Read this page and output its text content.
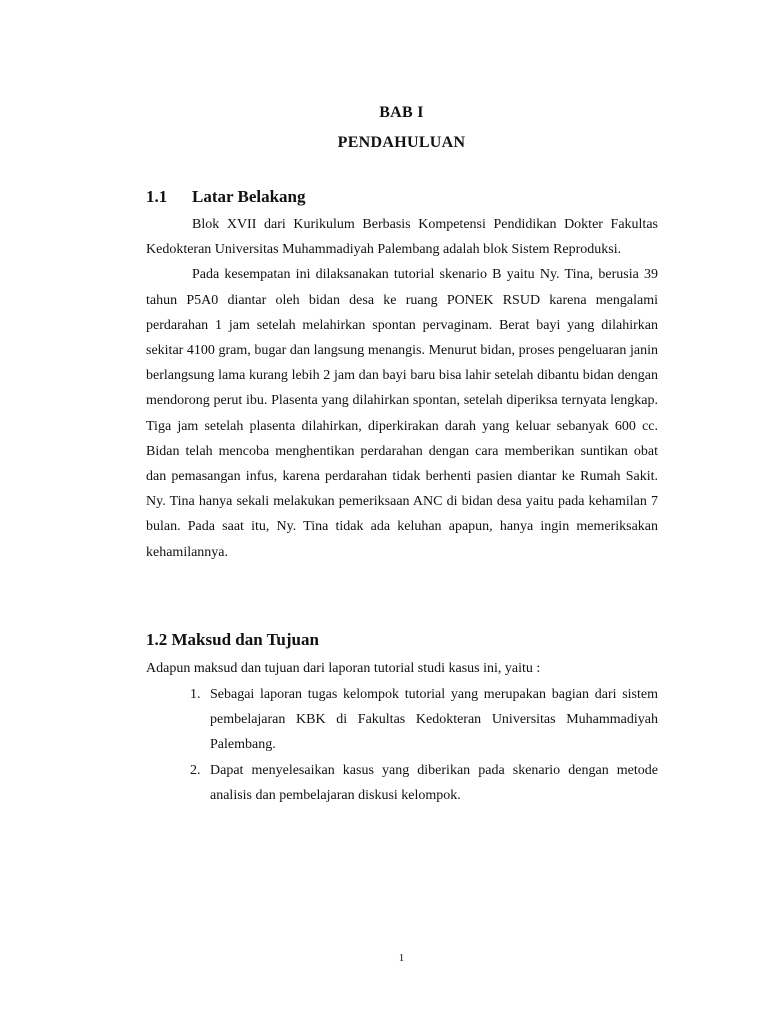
BAB I
PENDAHULUAN
1.1 Latar Belakang

Blok XVII dari Kurikulum Berbasis Kompetensi Pendidikan Dokter Fakultas Kedokteran Universitas Muhammadiyah Palembang adalah blok Sistem Reproduksi.

Pada kesempatan ini dilaksanakan tutorial skenario B yaitu Ny. Tina, berusia 39 tahun P5A0 diantar oleh bidan desa ke ruang PONEK RSUD karena mengalami perdarahan 1 jam setelah melahirkan spontan pervaginam. Berat bayi yang dilahirkan sekitar 4100 gram, bugar dan langsung menangis. Menurut bidan, proses pengeluaran janin berlangsung lama kurang lebih 2 jam dan bayi baru bisa lahir setelah dibantu bidan dengan mendorong perut ibu. Plasenta yang dilahirkan spontan, setelah diperiksa ternyata lengkap. Tiga jam setelah plasenta dilahirkan, diperkirakan darah yang keluar sebanyak 600 cc. Bidan telah mencoba menghentikan perdarahan dengan cara memberikan suntikan obat dan pemasangan infus, karena perdarahan tidak berhenti pasien diantar ke Rumah Sakit. Ny. Tina hanya sekali melakukan pemeriksaan ANC di bidan desa yaitu pada kehamilan 7 bulan. Pada saat itu, Ny. Tina tidak ada keluhan apapun, hanya ingin memeriksakan kehamilannya.

1.2 Maksud dan Tujuan
Adapun maksud dan tujuan dari laporan tutorial studi kasus ini, yaitu :
1. Sebagai laporan tugas kelompok tutorial yang merupakan bagian dari sistem pembelajaran KBK di Fakultas Kedokteran Universitas Muhammadiyah Palembang.
2. Dapat menyelesaikan kasus yang diberikan pada skenario dengan metode analisis dan pembelajaran diskusi kelompok.
1
